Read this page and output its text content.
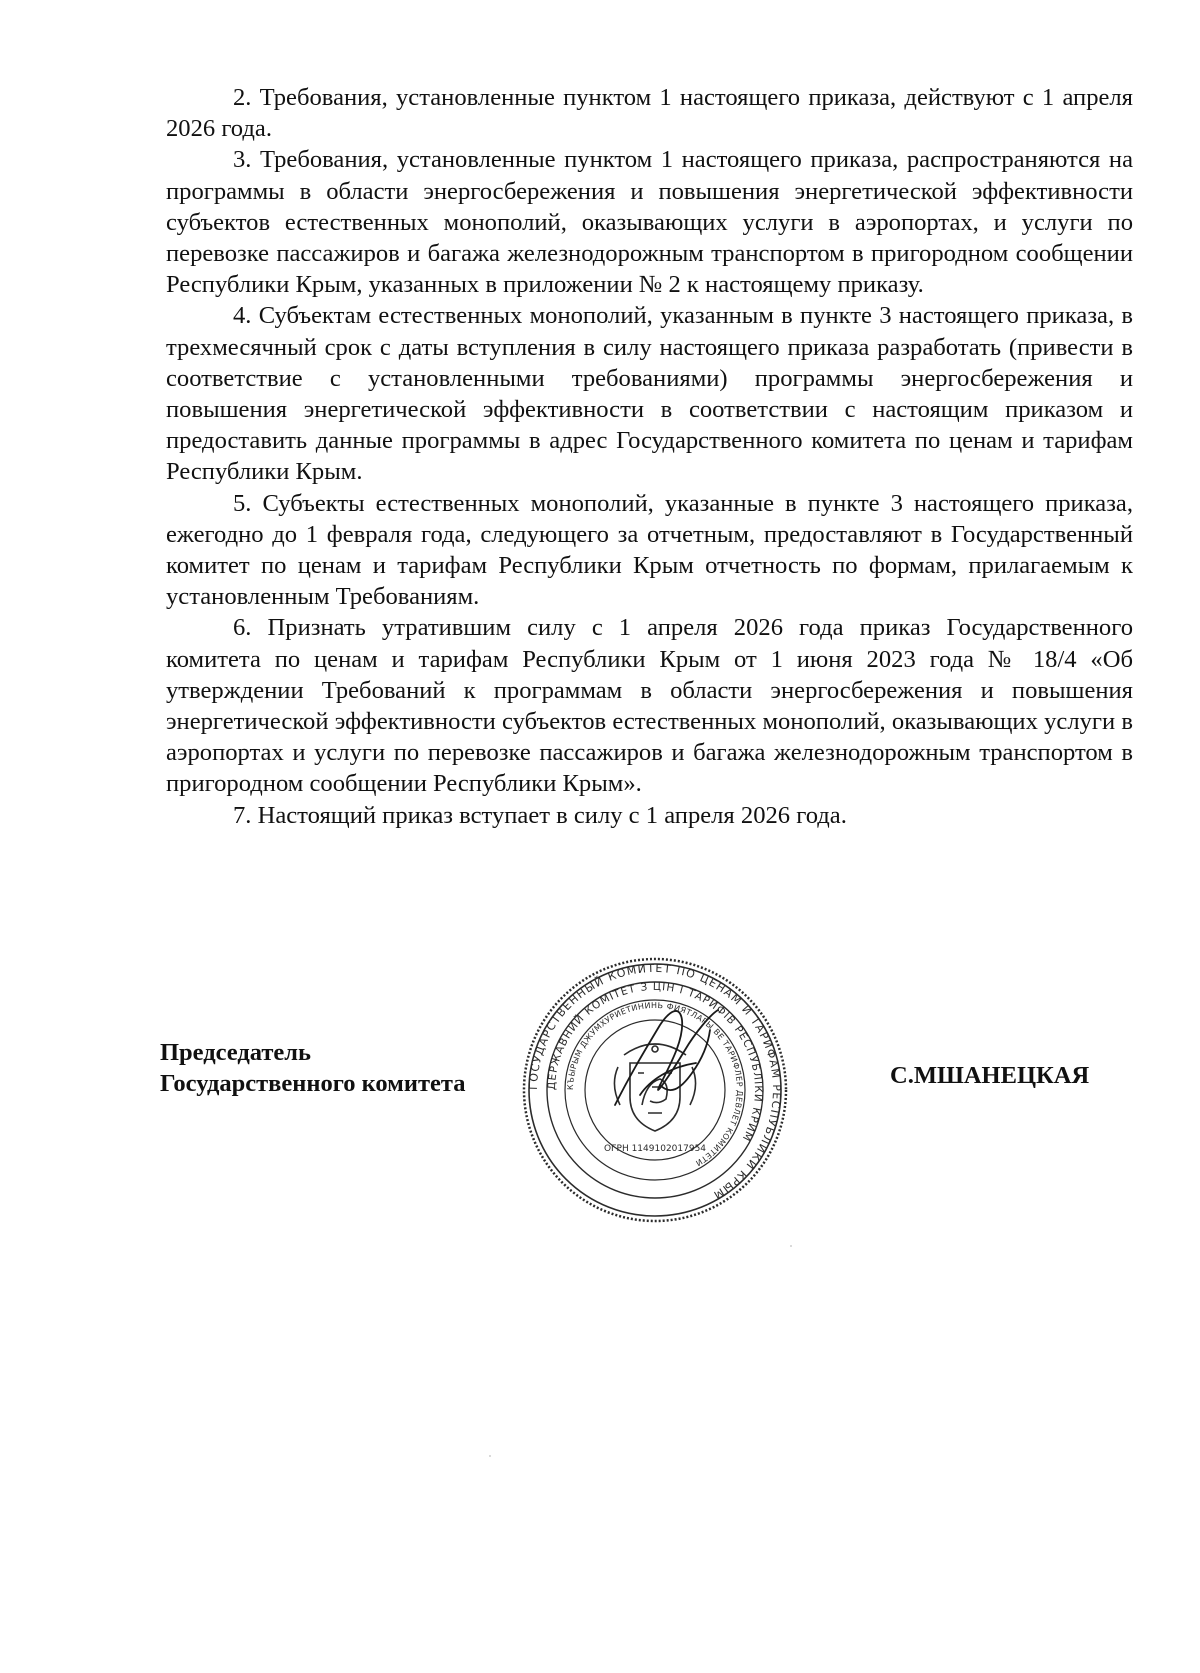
2. Требования, установленные пунктом 1 настоящего приказа, действуют с 1 апреля 2026 года.

3. Требования, установленные пунктом 1 настоящего приказа, распространяются на программы в области энергосбережения и повышения энергетической эффективности субъектов естественных монополий, оказывающих услуги в аэропортах, и услуги по перевозке пассажиров и багажа железнодорожным транспортом в пригородном сообщении Республики Крым, указанных в приложении № 2 к настоящему приказу.

4. Субъектам естественных монополий, указанным в пункте 3 настоящего приказа, в трехмесячный срок с даты вступления в силу настоящего приказа разработать (привести в соответствие с установленными требованиями) программы энергосбережения и повышения энергетической эффективности в соответствии с настоящим приказом и предоставить данные программы в адрес Государственного комитета по ценам и тарифам Республики Крым.

5. Субъекты естественных монополий, указанные в пункте 3 настоящего приказа, ежегодно до 1 февраля года, следующего за отчетным, предоставляют в Государственный комитет по ценам и тарифам Республики Крым отчетность по формам, прилагаемым к установленным Требованиям.

6. Признать утратившим силу с 1 апреля 2026 года приказ Государственного комитета по ценам и тарифам Республики Крым от 1 июня 2023 года № 18/4 «Об утверждении Требований к программам в области энергосбережения и повышения энергетической эффективности субъектов естественных монополий, оказывающих услуги в аэропортах и услуги по перевозке пассажиров и багажа железнодорожным транспортом в пригородном сообщении Республики Крым».

7. Настоящий приказ вступает в силу с 1 апреля 2026 года.

Председатель
Государственного комитета	С.МШАНЕЦКАЯ
ГОСУДАРСТВЕННЫЙ КОМИТЕТ ПО ЦЕНАМ И ТАРИФАМ РЕСПУБЛИКИ КРЫМ
ДЕРЖАВНИЙ КОМІТЕТ З ЦІН І ТАРИФІВ РЕСПУБЛІКИ КРИМ
КЪЫРЫМ ДЖУМХУРИЕТИНИНЬ ФИЯТЛАРЫ ВЕ ТАРИФЛЕР ДЕВЛЕТ КОМИТЕТИ
ОГРН 1149102017954
